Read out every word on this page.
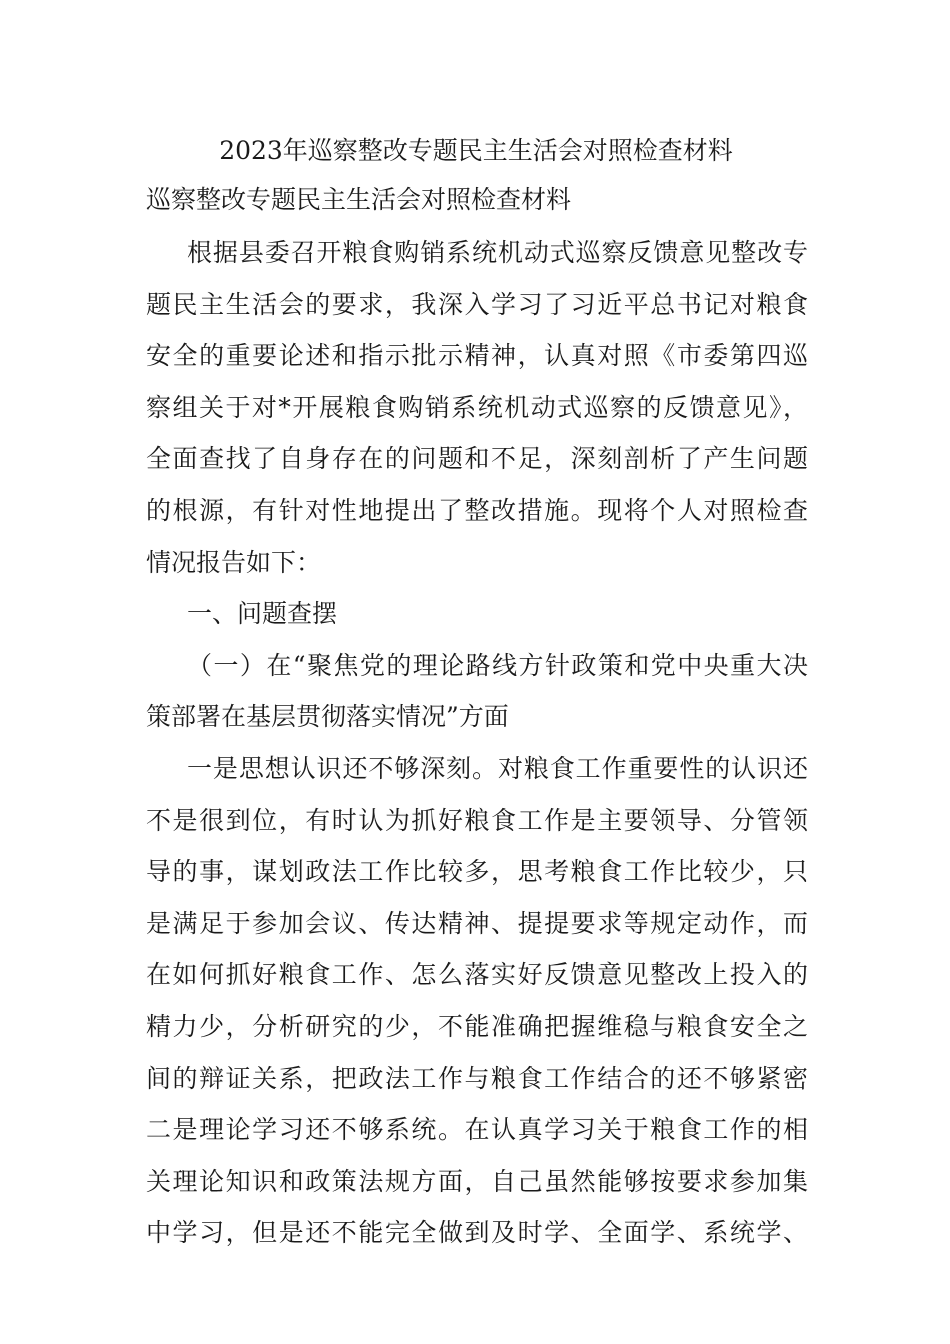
2023年巡察整改专题民主生活会对照检查材料
巡察整改专题民主生活会对照检查材料
根据县委召开粮食购销系统机动式巡察反馈意见整改专
题民主生活会的要求，我深入学习了习近平总书记对粮食
安全的重要论述和指示批示精神，认真对照《市委第四巡
察组关于对*开展粮食购销系统机动式巡察的反馈意见》，
全面查找了自身存在的问题和不足，深刻剖析了产生问题
的根源，有针对性地提出了整改措施。现将个人对照检查
情况报告如下：
一、问题查摆
（一）在“聚焦党的理论路线方针政策和党中央重大决
策部署在基层贯彻落实情况”方面
一是思想认识还不够深刻。对粮食工作重要性的认识还
不是很到位，有时认为抓好粮食工作是主要领导、分管领
导的事，谋划政法工作比较多，思考粮食工作比较少，只
是满足于参加会议、传达精神、提提要求等规定动作，而
在如何抓好粮食工作、怎么落实好反馈意见整改上投入的
精力少，分析研究的少，不能准确把握维稳与粮食安全之
间的辩证关系，把政法工作与粮食工作结合的还不够紧密
二是理论学习还不够系统。在认真学习关于粮食工作的相
关理论知识和政策法规方面，自己虽然能够按要求参加集
中学习，但是还不能完全做到及时学、全面学、系统学、
